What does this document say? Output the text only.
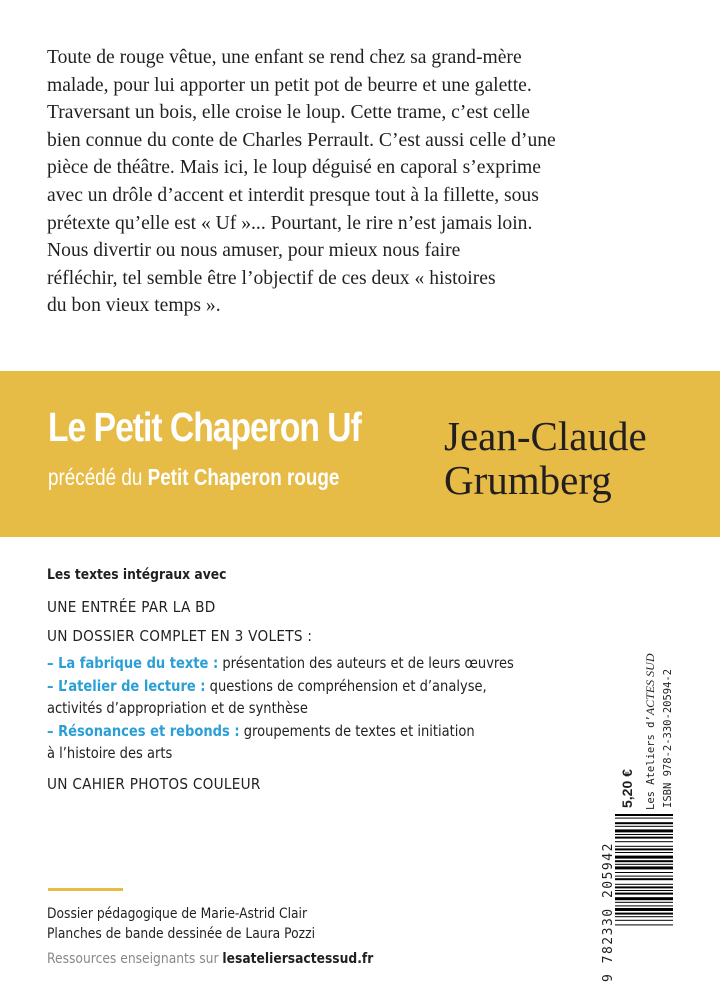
Toute de rouge vêtue, une enfant se rend chez sa grand-mère

malade, pour lui apporter un petit pot de beurre et une galette.

Traversant un bois, elle croise le loup. Cette trame, c’est celle

bien connue du conte de Charles Perrault. C’est aussi celle d’une

pièce de théâtre. Mais ici, le loup déguisé en caporal s’exprime

avec un drôle d’accent et interdit presque tout à la fillette, sous

prétexte qu’elle est « Uf »... Pourtant, le rire n’est jamais loin.

Nous divertir ou nous amuser, pour mieux nous faire

réfléchir, tel semble être l’objectif de ces deux « histoires

du bon vieux temps ».

Le Petit Chaperon Uf
précédé du Petit Chaperon rouge
Jean-Claude
Grumberg
Les textes intégraux avec
UNE ENTRÉE PAR LA BD
UN DOSSIER COMPLET EN 3 VOLETS :
– La fabrique du texte : présentation des auteurs et de leurs œuvres
– L’atelier de lecture : questions de compréhension et d’analyse,
activités d’appropriation et de synthèse
– Résonances et rebonds : groupements de textes et initiation
à l’histoire des arts
UN CAHIER PHOTOS COULEUR
Dossier pédagogique de Marie-Astrid Clair
Planches de bande dessinée de Laura Pozzi
Ressources enseignants sur lesateliersactessud.fr
5,20 € Les Ateliers d’ACTES SUD ISBN 978-2-330-20594-2
9 782330 205942
